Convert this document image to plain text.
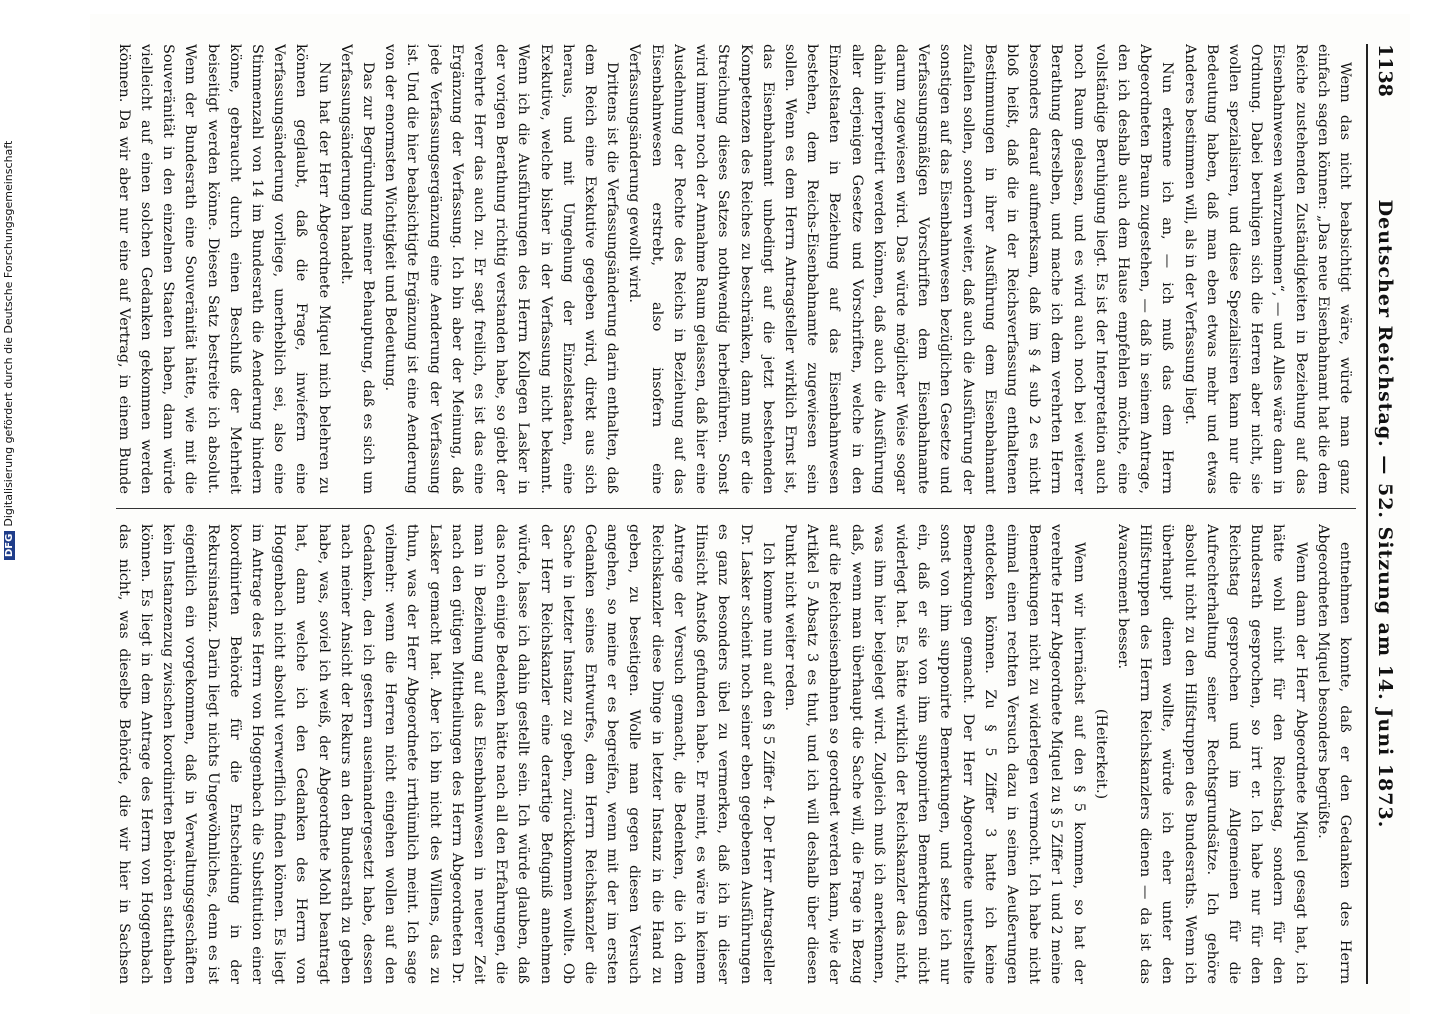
1138
Deutscher Reichstag. — 52. Sitzung am 14. Juni 1873.

Wenn das nicht beabsichtigt wäre, würde man ganz einfach sagen können: „Das neue Eisenbahnamt hat die dem Reiche zustehenden Zuständigkeiten in Beziehung auf das Eisenbahnwesen wahrzunehmen“, — und Alles wäre dann in Ordnung. Dabei beruhigen sich die Herren aber nicht, sie wollen spezialisiren, und diese Spezialisiren kann nur die Bedeutung haben, daß man eben etwas mehr und etwas Anderes bestimmen will, als in der Verfassung liegt.

Nun erkenne ich an, — ich muß das dem Herrn Abgeordneten Braun zugestehen, — daß in seinem Antrage, den ich deshalb auch dem Hause empfehlen möchte, eine vollständige Beruhigung liegt. Es ist der Interpretation auch noch Raum gelassen, und es wird auch noch bei weiterer Berathung derselben, und mache ich dem verehrten Herrn besonders darauf aufmerksam, daß im § 4 sub 2 es nicht bloß heißt, daß die in der Reichsverfassung enthaltenen Bestimmungen in ihrer Ausführung dem Eisenbahnamt zufallen sollen, sondern weiter, daß auch die Ausführung der sonstigen auf das Eisenbahnwesen bezüglichen Gesetze und Verfassungsmäßigen Vorschriften dem Eisenbahnamte darum zugewiesen wird. Das würde möglicher Weise sogar dahin interpretirt werden können, daß auch die Ausführung aller derjenigen Gesetze und Vorschriften, welche in den Einzelstaaten in Beziehung auf das Eisenbahnwesen bestehen, dem Reichs-Eisenbahnamte zugewiesen sein sollen. Wenn es dem Herrn Antragsteller wirklich Ernst ist, das Eisenbahnamt unbedingt auf die jetzt bestehenden Kompetenzen des Reiches zu beschränken, dann muß er die Streichung dieses Satzes nothwendig herbeiführen. Sonst wird immer noch der Annahme Raum gelassen, daß hier eine Ausdehnung der Rechte des Reichs in Beziehung auf das Eisenbahnwesen erstrebt, also insofern eine Verfassungsänderung gewollt wird.

Drittens ist die Verfassungsänderung darin enthalten, daß dem Reich eine Exekutive gegeben wird, direkt aus sich heraus, und mit Umgehung der Einzelstaaten, eine Exekutive, welche bisher in der Verfassung nicht bekannt. Wenn ich die Ausführungen des Herrn Kollegen Lasker in der vorigen Berathung richtig verstanden habe, so giebt der verehrte Herr das auch zu. Er sagt freilich, es ist das eine Ergänzung der Verfassung. Ich bin aber der Meinung, daß jede Verfassungsergänzung eine Aenderung der Verfassung ist. Und die hier beabsichtigte Ergänzung ist eine Aenderung von der enormsten Wichtigkeit und Bedeutung.

Das zur Begründung meiner Behauptung, daß es sich um Verfassungsänderungen handelt.

Nun hat der Herr Abgeordnete Miquel mich belehren zu können geglaubt, daß die Frage, inwiefern eine Verfassungsänderung vorliege, unerheblich sei, also eine Stimmenzahl von 14 im Bundesrath die Aenderung hindern könne, gebraucht durch einen Beschluß der Mehrheit beiseitigt werden könne. Diesen Satz bestreite ich absolut. Wenn der Bundesrath eine Souveränität hätte, wie mit die Souveränität in den einzelnen Staaten haben, dann würde vielleicht auf einen solchen Gedanken gekommen werden können. Da wir aber nur eine auf Vertrag, in einem Bunde

entnehmen konnte, daß er den Gedanken des Herrn Abgeordneten Miquel besonders begrüßte.

Wenn dann der Herr Abgeordnete Miquel gesagt hat, ich hätte wohl nicht für den Reichstag, sondern für den Bundesrath gesprochen, so irrt er. Ich habe nur für den Reichstag gesprochen und im Allgemeinen für die Aufrechterhaltung seiner Rechtsgrundsätze. Ich gehöre absolut nicht zu den Hilfstruppen des Bundesraths. Wenn ich überhaupt dienen wollte, würde ich eher unter den Hilfstruppen des Herrn Reichskanzlers dienen — da ist das Avancement besser.

(Heiterkeit.)

Wenn wir hiernächst auf den § 5 kommen, so hat der verehrte Herr Abgeordnete Miquel zu § 5 Ziffer 1 und 2 meine Bemerkungen nicht zu widerlegen vermocht. Ich habe nicht einmal einen rechten Versuch dazu in seinen Aeußerungen entdecken können. Zu § 5 Ziffer 3 hatte ich keine Bemerkungen gemacht. Der Herr Abgeordnete unterstellte sonst von ihm supponirte Bemerkungen, und setzte ich nur ein, daß er sie von ihm supponirten Bemerkungen nicht widerlegt hat. Es hätte wirklich der Reichskanzler das nicht, was ihm hier beigelegt wird. Zugleich muß ich anerkennen, daß, wenn man überhaupt die Sache will, die Frage in Bezug auf die Reichseisenbahnen so geordnet werden kann, wie der Artikel 5 Absatz 3 es thut, und ich will deshalb über diesen Punkt nicht weiter reden.

Ich komme nun auf den § 5 Ziffer 4. Der Herr Antragsteller Dr. Lasker scheint noch seiner eben gegebenen Ausführungen es ganz besonders übel zu vermerken, daß ich in dieser Hinsicht Anstoß gefunden habe. Er meint, es wäre in keinem Antrage der Versuch gemacht, die Bedenken, die ich dem Reichskanzler diese Dinge in letzter Instanz in die Hand zu geben, zu beseitigen. Wolle man gegen diesen Versuch angehen, so meine er es begreifen, wenn mit der im ersten Gedanken seines Entwurfes, dem Herrn Reichskanzler die Sache in letzter Instanz zu geben, zurückkommen wollte. Ob der Herr Reichskanzler eine derartige Befugniß annehmen würde, lasse ich dahin gestellt sein. Ich würde glauben, daß das noch einige Bedenken hätte nach all den Erfahrungen, die man in Beziehung auf das Eisenbahnwesen in neuerer Zeit nach den gütigen Mittheilungen des Herrn Abgeordneten Dr. Lasker gemacht hat. Aber ich bin nicht des Willens, das zu thun, was der Herr Abgeordnete irrthümlich meint. Ich sage vielmehr: wenn die Herren nicht eingehen wollen auf den Gedanken, den ich gestern auseinandergesetzt habe, dessen nach meiner Ansicht der Rekurs an den Bundesrath zu geben habe, was, soviel ich weiß, der Abgeordnete Mohl beantragt hat, dann welche ich den Gedanken des Herrn von Hoggenbach nicht absolut verwerflich finden können. Es liegt im Antrage des Herrn von Hoggenbach die Substitution einer koordinirten Behörde für die Entscheidung in der Rekursinstanz. Darin liegt nichts Ungewöhnliches, denn es ist eigentlich ein vorgekommen, daß in Verwaltungsgeschäften kein Instanzenzug zwischen koordinirten Behörden statthaben können. Es liegt in dem Antrage des Herrn von Hoggenbach das nicht, was dieselbe Behörde, die wir hier in Sachsen

DFGDigitalisierung gefördert durch die Deutsche Forschungsgemeinschaft
